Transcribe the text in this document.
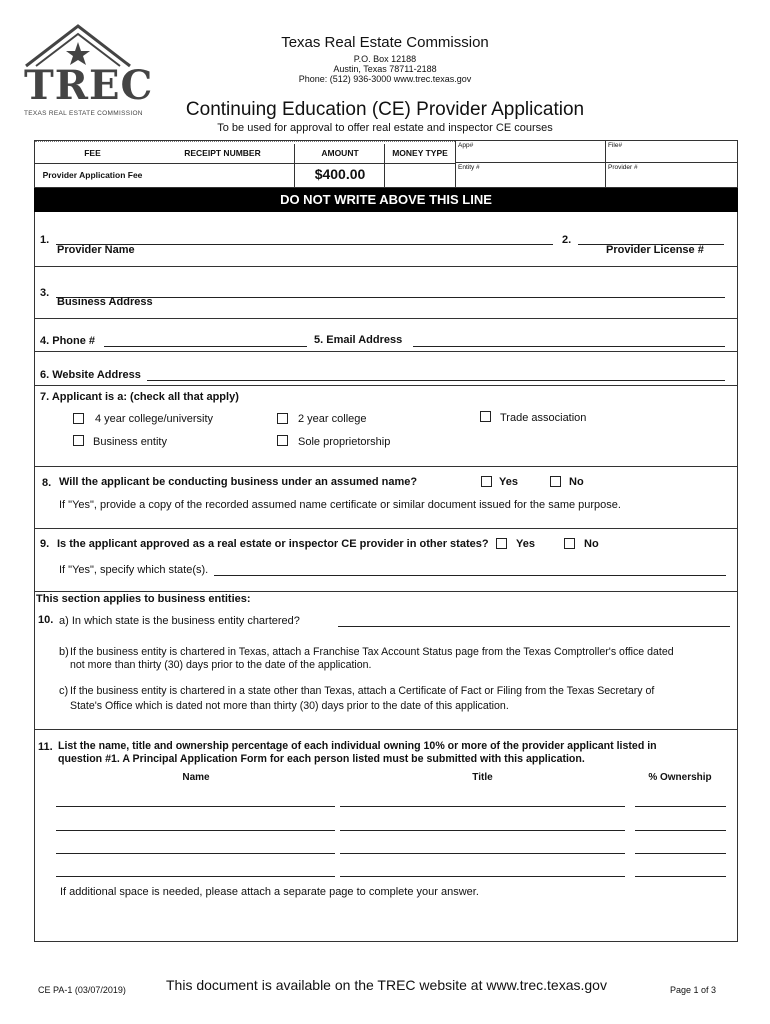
TREC
TEXAS REAL ESTATE COMMISSION
Texas Real Estate Commission
P.O. Box 12188
Austin, Texas 78711-2188
Phone: (512) 936-3000 www.trec.texas.gov
Continuing Education (CE) Provider Application
To be used for approval to offer real estate and inspector CE courses
FEE	RECEIPT NUMBER	AMOUNT	MONEY TYPE
Provider Application Fee	$400.00
App#	File#
Entity #	Provider #
DO NOT WRITE ABOVE THIS LINE
1.
Provider Name
2.
Provider License #
3.
Business Address
4. Phone #	5. Email Address
6. Website Address
7. Applicant is a: (check all that apply)
4 year college/university	2 year college	Trade association
Business entity	Sole proprietorship
8. Will the applicant be conducting business under an assumed name?	Yes	No
If "Yes", provide a copy of the recorded assumed name certificate or similar document issued for the same purpose.
9. Is the applicant approved as a real estate or inspector CE provider in other states? Yes	No
If "Yes", specify which state(s).
This section applies to business entities:
10. a) In which state is the business entity chartered?
b) If the business entity is chartered in Texas, attach a Franchise Tax Account Status page from the Texas Comptroller's office dated
not more than thirty (30) days prior to the date of the application.
c) If the business entity is chartered in a state other than Texas, attach a Certificate of Fact or Filing from the Texas Secretary of
State's Office which is dated not more than thirty (30) days prior to the date of this application.
11. List the name, title and ownership percentage of each individual owning 10% or more of the provider applicant listed in
question #1. A Principal Application Form for each person listed must be submitted with this application.
Name	Title	% Ownership
If additional space is needed, please attach a separate page to complete your answer.
CE PA-1 (03/07/2019)	This document is available on the TREC website at www.trec.texas.gov	Page 1 of 3
